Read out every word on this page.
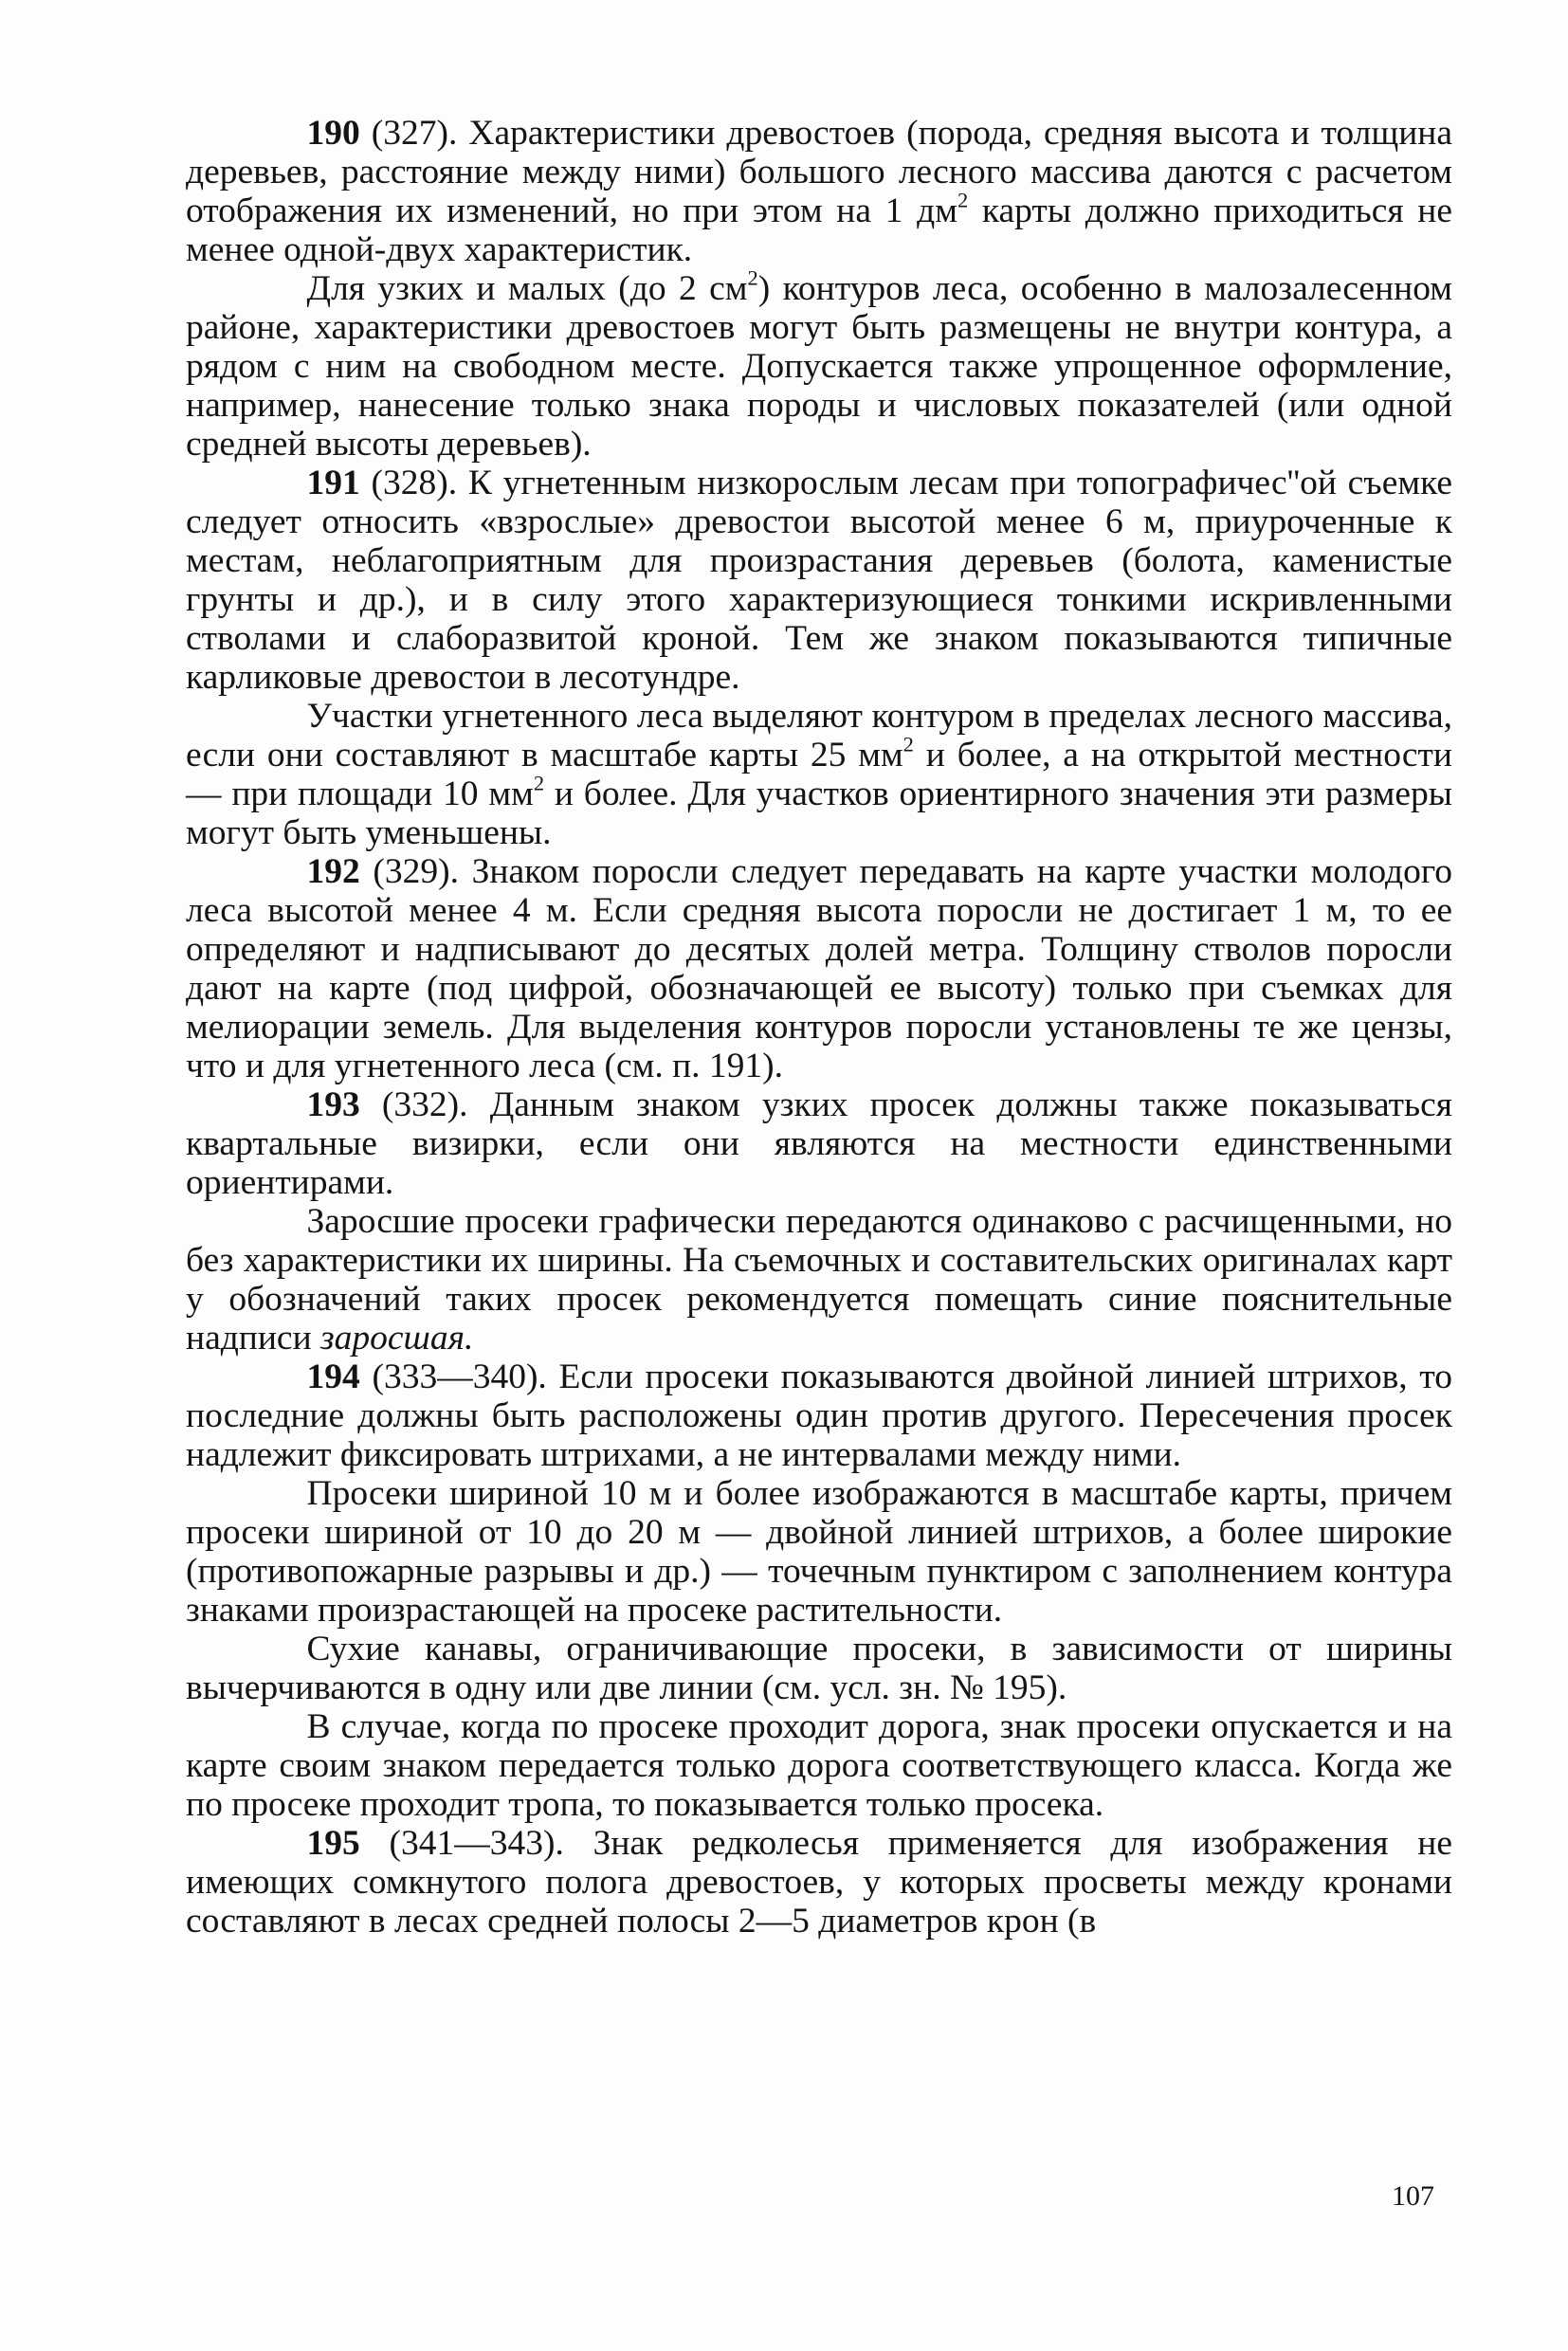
190 (327). Характеристики древостоев (порода, средняя высота и толщина деревьев, расстояние между ними) большого лесного массива даются с расчетом отображения их изменений, но при этом на 1 $дм^2$ карты должно приходиться не менее одной-двух характеристик.

Для узких и малых (до 2 $см^2$) контуров леса, особенно в малозалесенном районе, характеристики древостоев могут быть размещены не внутри контура, а рядом с ним на свободном месте. Допускается также упрощенное оформление, например, нанесение только знака породы и числовых показателей (или одной средней высоты деревьев).

191 (328). К угнетенным низкорослым лесам при топографичес''ой съемке следует относить «взрослые» древостои высотой менее 6 м, приуроченные к местам, неблагоприятным для произрастания деревьев (болота, каменистые грунты и др.), и в силу этого характеризующиеся тонкими искривленными стволами и слаборазвитой кроной. Тем же знаком показываются типичные карликовые древостои в лесотундре.

Участки угнетенного леса выделяют контуром в пределах лесного массива, если они составляют в масштабе карты 25 $мм^2$ и более, а на открытой местности — при площади 10 $мм^2$ и более. Для участков ориентирного значения эти размеры могут быть уменьшены.

192 (329). Знаком поросли следует передавать на карте участки молодого леса высотой менее 4 м. Если средняя высота поросли не достигает 1 м, то ее определяют и надписывают до десятых долей метра. Толщину стволов поросли дают на карте (под цифрой, обозначающей ее высоту) только при съемках для мелиорации земель. Для выделения контуров поросли установлены те же цензы, что и для угнетенного леса (см. п. 191).

193 (332). Данным знаком узких просек должны также показываться квартальные визирки, если они являются на местности единственными ориентирами.

Заросшие просеки графически передаются одинаково с расчищенными, но без характеристики их ширины. На съемочных и составительских оригиналах карт у обозначений таких просек рекомендуется помещать синие пояснительные надписи заросшая.

194 (333—340). Если просеки показываются двойной линией штрихов, то последние должны быть расположены один против другого. Пересечения просек надлежит фиксировать штрихами, а не интервалами между ними.

Просеки шириной 10 м и более изображаются в масштабе карты, причем просеки шириной от 10 до 20 м — двойной линией штрихов, а более широкие (противопожарные разрывы и др.) — точечным пунктиром с заполнением контура знаками произрастающей на просеке растительности.

Сухие канавы, ограничивающие просеки, в зависимости от ширины вычерчиваются в одну или две линии (см. усл. зн. № 195).

В случае, когда по просеке проходит дорога, знак просеки опускается и на карте своим знаком передается только дорога соответствующего класса. Когда же по просеке проходит тропа, то показывается только просека.

195 (341—343). Знак редколесья применяется для изображения не имеющих сомкнутого полога древостоев, у которых просветы между кронами составляют в лесах средней полосы 2—5 диаметров крон (в

107
